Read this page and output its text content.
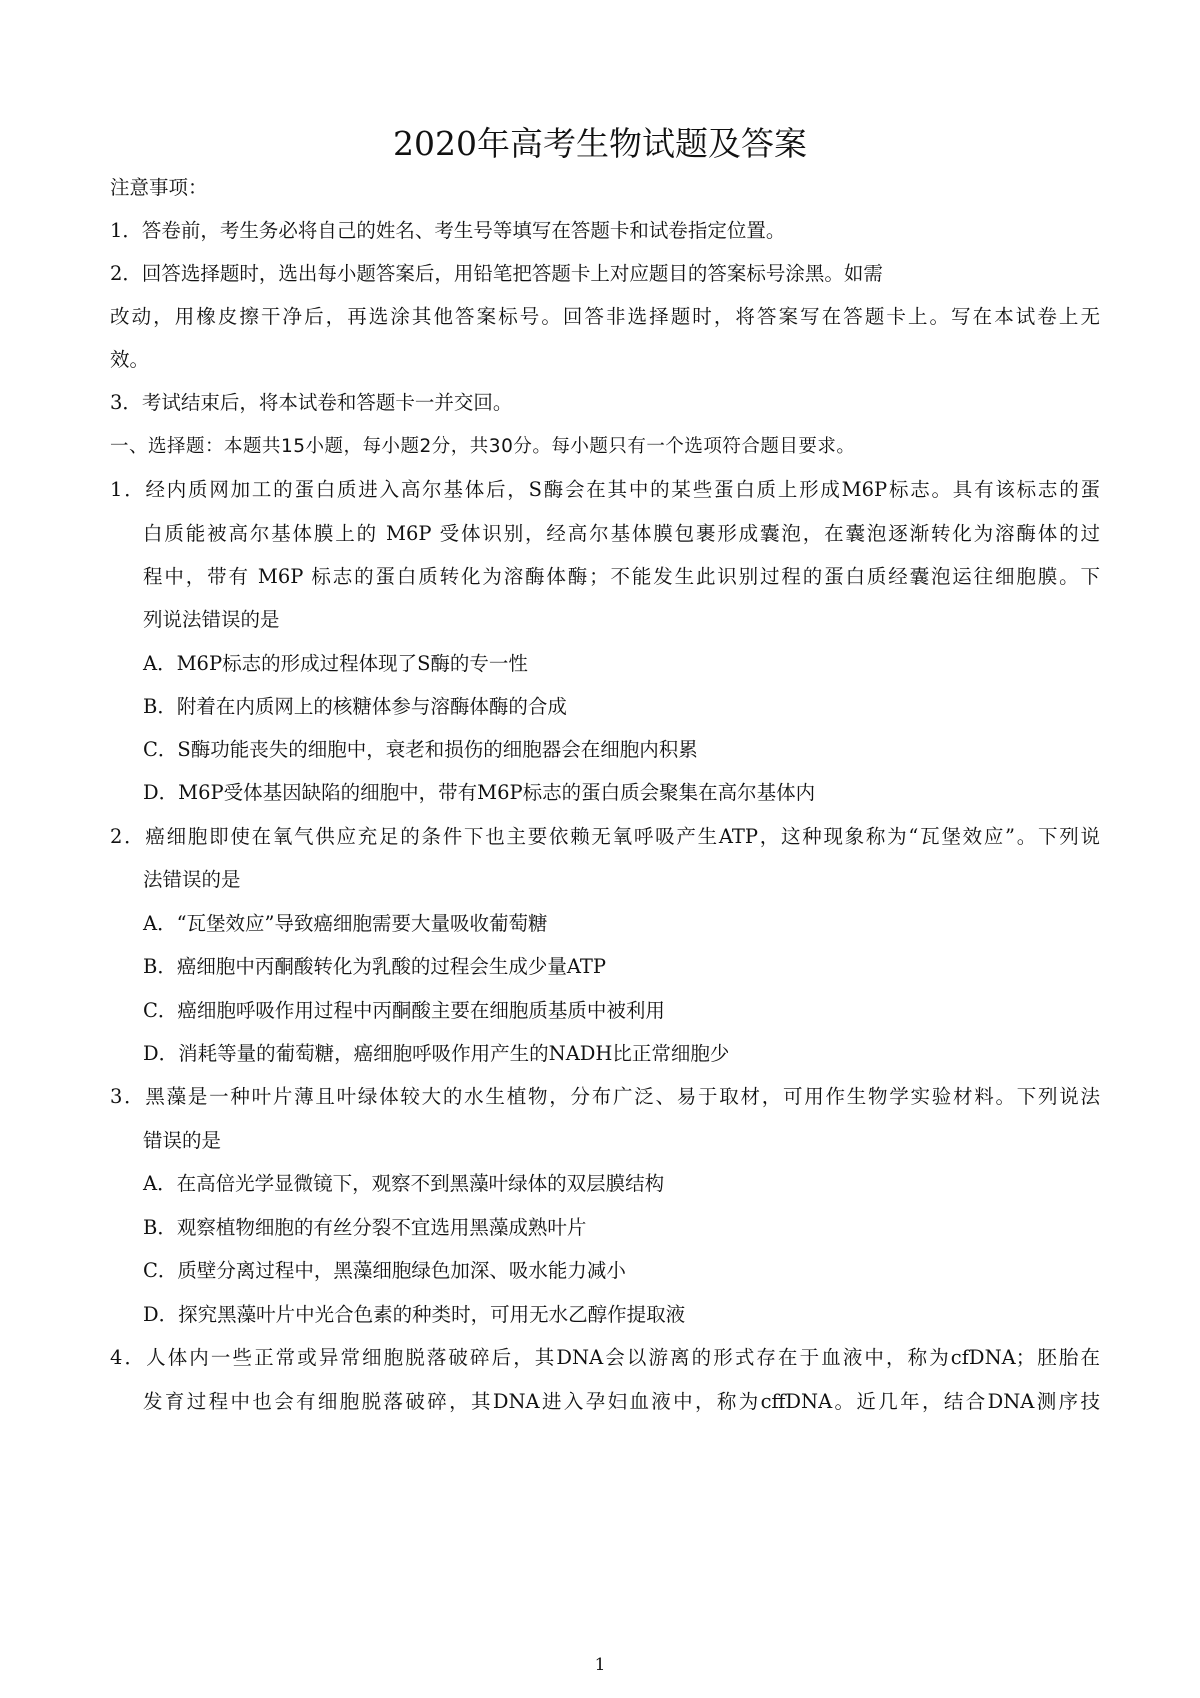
2020年高考生物试题及答案
注意事项：
1．答卷前，考生务必将自己的姓名、考生号等填写在答题卡和试卷指定位置。
2．回答选择题时，选出每小题答案后，用铅笔把答题卡上对应题目的答案标号涂黑。如需
改动，用橡皮擦干净后，再选涂其他答案标号。回答非选择题时，将答案写在答题卡上。写在本试卷上无
效。
3．考试结束后，将本试卷和答题卡一并交回。
一、选择题：本题共15小题，每小题2分，共30分。每小题只有一个选项符合题目要求。
1．经内质网加工的蛋白质进入高尔基体后，S酶会在其中的某些蛋白质上形成M6P标志。具有该标志的蛋
白质能被高尔基体膜上的 M6P 受体识别，经高尔基体膜包裹形成囊泡，在囊泡逐渐转化为溶酶体的过
程中，带有 M6P 标志的蛋白质转化为溶酶体酶；不能发生此识别过程的蛋白质经囊泡运往细胞膜。下
列说法错误的是
A．M6P标志的形成过程体现了S酶的专一性
B．附着在内质网上的核糖体参与溶酶体酶的合成
C．S酶功能丧失的细胞中，衰老和损伤的细胞器会在细胞内积累
D．M6P受体基因缺陷的细胞中，带有M6P标志的蛋白质会聚集在高尔基体内
2．癌细胞即使在氧气供应充足的条件下也主要依赖无氧呼吸产生ATP，这种现象称为“瓦堡效应”。下列说
法错误的是
A．“瓦堡效应”导致癌细胞需要大量吸收葡萄糖
B．癌细胞中丙酮酸转化为乳酸的过程会生成少量ATP
C．癌细胞呼吸作用过程中丙酮酸主要在细胞质基质中被利用
D．消耗等量的葡萄糖，癌细胞呼吸作用产生的NADH比正常细胞少
3．黑藻是一种叶片薄且叶绿体较大的水生植物，分布广泛、易于取材，可用作生物学实验材料。下列说法
错误的是
A．在高倍光学显微镜下，观察不到黑藻叶绿体的双层膜结构
B．观察植物细胞的有丝分裂不宜选用黑藻成熟叶片
C．质壁分离过程中，黑藻细胞绿色加深、吸水能力减小
D．探究黑藻叶片中光合色素的种类时，可用无水乙醇作提取液
4．人体内一些正常或异常细胞脱落破碎后，其DNA会以游离的形式存在于血液中，称为cfDNA；胚胎在
发育过程中也会有细胞脱落破碎，其DNA进入孕妇血液中，称为cffDNA。近几年，结合DNA测序技
1
